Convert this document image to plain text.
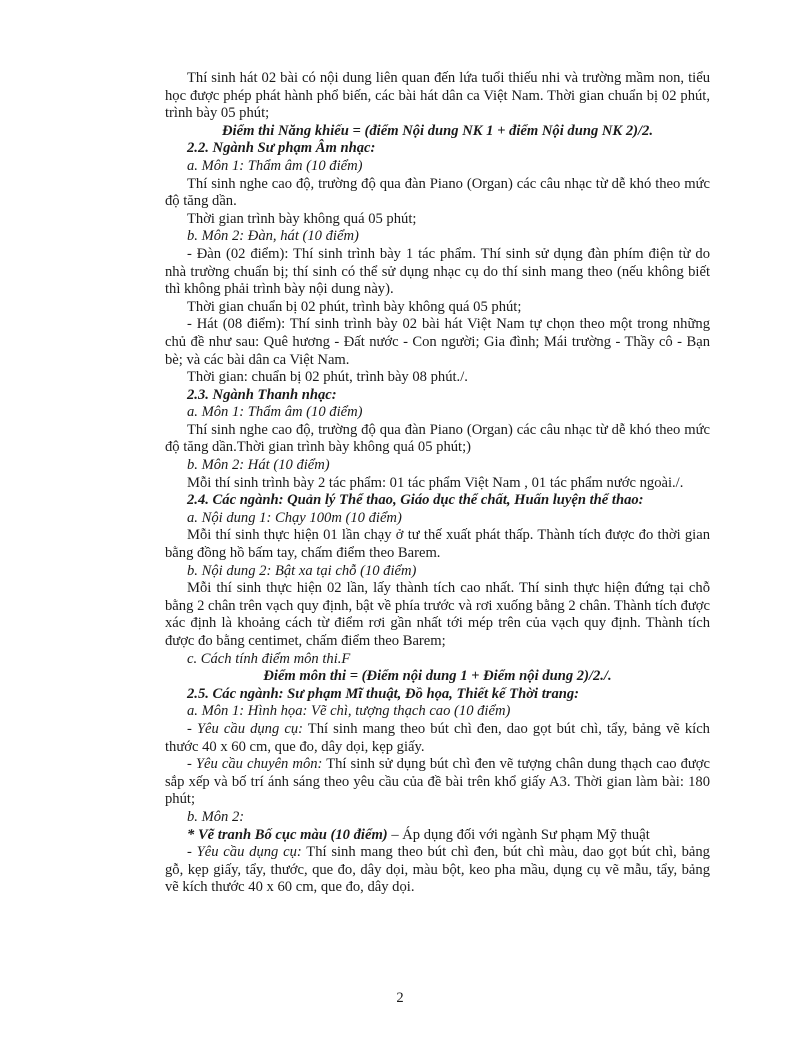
Thí sinh hát 02 bài có nội dung liên quan đến lứa tuổi thiếu nhi và trường mầm non, tiểu học được phép phát hành phổ biến, các bài hát dân ca Việt Nam. Thời gian chuẩn bị 02 phút, trình bày 05 phút;

Điểm thi Năng khiếu = (điểm Nội dung NK 1 + điểm Nội dung NK 2)/2.

2.2. Ngành Sư phạm Âm nhạc:

a. Môn 1: Thẩm âm (10 điểm)

Thí sinh nghe cao độ, trường độ qua đàn Piano (Organ) các câu nhạc từ dễ khó theo mức độ tăng dần.

Thời gian trình bày không quá 05 phút;

b. Môn 2: Đàn, hát (10 điểm)

- Đàn (02 điểm): Thí sinh trình bày 1 tác phẩm. Thí sinh sử dụng đàn phím điện từ do nhà trường chuẩn bị; thí sinh có thể sử dụng nhạc cụ do thí sinh mang theo (nếu không biết thì không phải trình bày nội dung này).

Thời gian chuẩn bị 02 phút, trình bày không quá 05 phút;

- Hát (08 điểm): Thí sinh trình bày 02 bài hát Việt Nam tự chọn theo một trong những chủ đề như sau: Quê hương - Đất nước - Con người; Gia đình; Mái trường - Thầy cô - Bạn bè; và các bài dân ca Việt Nam.

Thời gian: chuẩn bị 02 phút, trình bày 08 phút./.

2.3. Ngành Thanh nhạc:

a. Môn 1: Thẩm âm (10 điểm)

Thí sinh nghe cao độ, trường độ qua đàn Piano (Organ) các câu nhạc từ dễ khó theo mức độ tăng dần.Thời gian trình bày không quá 05 phút;)

b. Môn 2: Hát (10 điểm)

Mỗi thí sinh trình bày 2 tác phẩm: 01 tác phẩm Việt Nam , 01 tác phẩm nước ngoài./.

2.4. Các ngành: Quản lý Thể thao, Giáo dục thể chất, Huấn luyện thể thao:

a. Nội dung 1: Chạy 100m (10 điểm)

Mỗi thí sinh thực hiện 01 lần chạy ở tư thế xuất phát thấp. Thành tích được đo thời gian bằng đồng hồ bấm tay, chấm điểm theo Barem.

b. Nội dung 2: Bật xa tại chỗ (10 điểm)

Mỗi thí sinh thực hiện 02 lần, lấy thành tích cao nhất. Thí sinh thực hiện đứng tại chỗ bằng 2 chân trên vạch quy định, bật về phía trước và rơi xuống bằng 2 chân. Thành tích được xác định là khoảng cách từ điểm rơi gần nhất tới mép trên của vạch quy định. Thành tích được đo bằng centimet, chấm điểm theo Barem;

c. Cách tính điểm môn thi.F

Điểm môn thi = (Điểm nội dung 1 + Điểm nội dung 2)/2./.

2.5. Các ngành: Sư phạm Mĩ thuật, Đồ họa, Thiết kế Thời trang:

a. Môn 1: Hình họa: Vẽ chì, tượng thạch cao (10 điểm)

- Yêu cầu dụng cụ: Thí sinh mang theo bút chì đen, dao gọt bút chì, tẩy, bảng vẽ kích thước 40 x 60 cm, que đo, dây dọi, kẹp giấy.

- Yêu cầu chuyên môn: Thí sinh sử dụng bút chì đen vẽ tượng chân dung thạch cao được sắp xếp và bố trí ánh sáng theo yêu cầu của đề bài trên khổ giấy A3. Thời gian làm bài: 180 phút;

b. Môn 2:

* Vẽ tranh Bố cục màu (10 điểm) – Áp dụng đối với ngành Sư phạm Mỹ thuật

- Yêu cầu dụng cụ: Thí sinh mang theo bút chì đen, bút chì màu, dao gọt bút chì, bảng gỗ, kẹp giấy, tẩy, thước, que đo, dây dọi, màu bột, keo pha mầu, dụng cụ vẽ mẫu, tẩy, bảng vẽ kích thước 40 x 60 cm, que đo, dây dọi.

2
